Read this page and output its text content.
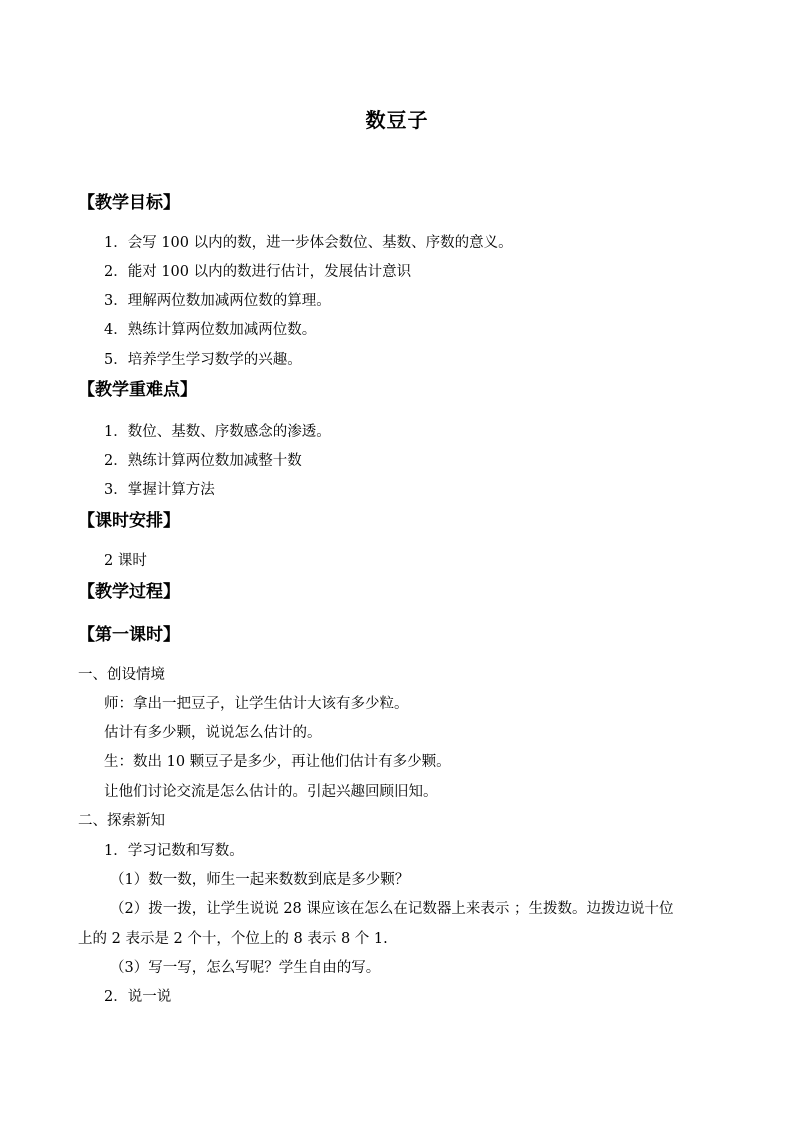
数豆子
【教学目标】
1．会写 100 以内的数，进一步体会数位、基数、序数的意义。
2．能对 100 以内的数进行估计，发展估计意识
3．理解两位数加减两位数的算理。
4．熟练计算两位数加减两位数。
5．培养学生学习数学的兴趣。
【教学重难点】
1．数位、基数、序数感念的渗透。
2．熟练计算两位数加减整十数
3．掌握计算方法
【课时安排】
2 课时
【教学过程】
【第一课时】
一、创设情境
师：拿出一把豆子，让学生估计大该有多少粒。
估计有多少颗，说说怎么估计的。
生：数出 10 颗豆子是多少，再让他们估计有多少颗。
让他们讨论交流是怎么估计的。引起兴趣回顾旧知。
二、探索新知
1．学习记数和写数。
（1）数一数，师生一起来数数到底是多少颗？
（2）拨一拨，让学生说说 28 课应该在怎么在记数器上来表示 ；生拨数。边拨边说十位
上的 2 表示是 2 个十，个位上的 8 表示 8 个 1.
（3）写一写，怎么写呢？学生自由的写。
2．说一说
